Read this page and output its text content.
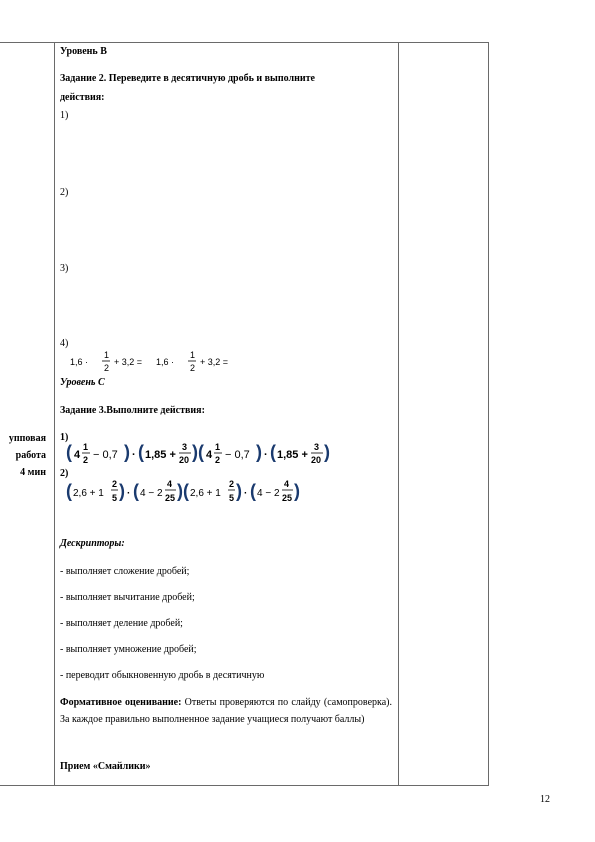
упповая
работа
4 мин
Уровень В
Задание 2. Переведите в десятичную дробь и выполните
действия:
1)
2)
3)
4)
1,6 ·
1
2
+ 3,2 = 1,6 ·
1
2
+ 3,2 =
Уровень С
Задание 3.Выполните действия:
1)
2)
( 4
1
2 − 0,7 ) · ( 1,85 +
3
20 ) ( 4
1
2 − 0,7 ) · ( 1,85 +
3
20 )
( 2,6 + 1
2
5 ) · ( 4 − 2
4
25 ) ( 2,6 + 1
2
5 ) · ( 4 − 2
4
25 )
Дескрипторы:
- выполняет сложение дробей;
- выполняет вычитание дробей;
- выполняет деление дробей;
- выполняет умножение дробей;
- переводит обыкновенную дробь в десятичную
Формативное оценивание: Ответы проверяются по слайду (самопроверка). За каждое правильно выполненное задание учащиеся получают баллы)
Прием «Смайлики»
12
